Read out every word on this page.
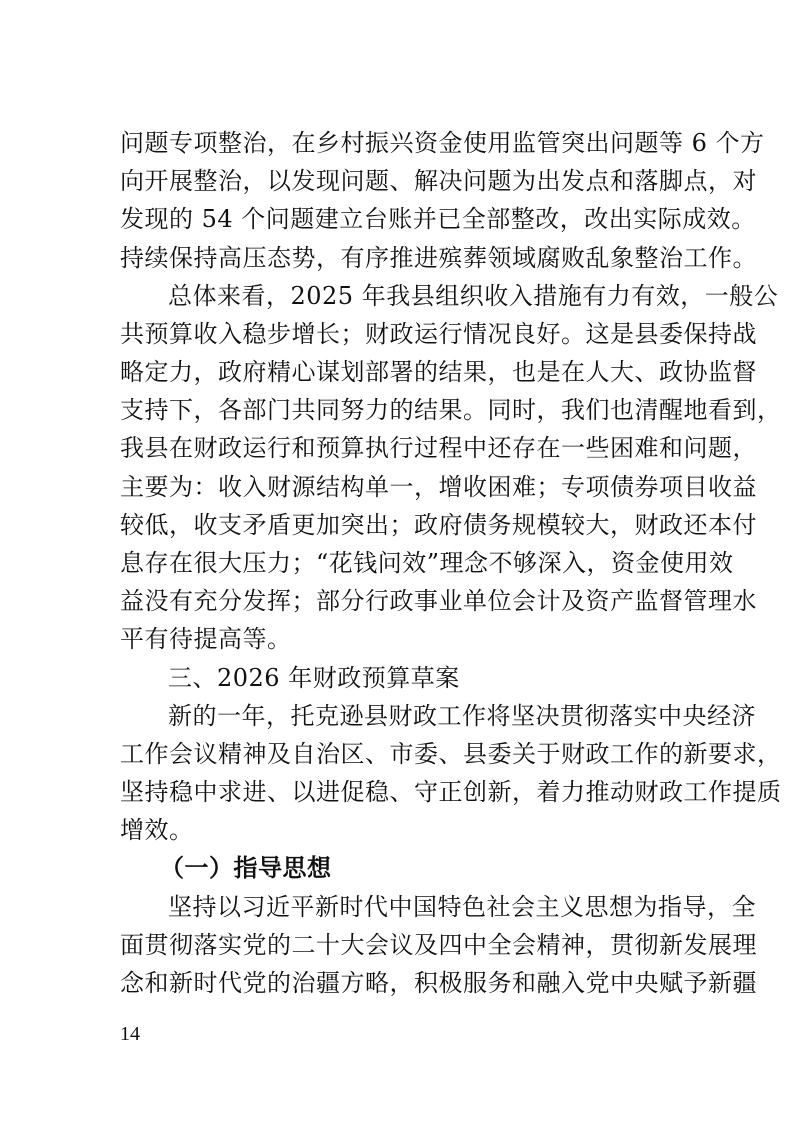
问题专项整治，在乡村振兴资金使用监管突出问题等 6 个方
向开展整治，以发现问题、解决问题为出发点和落脚点，对
发现的 54 个问题建立台账并已全部整改，改出实际成效。
持续保持高压态势，有序推进殡葬领域腐败乱象整治工作。
总体来看，2025 年我县组织收入措施有力有效，一般公
共预算收入稳步增长；财政运行情况良好。这是县委保持战
略定力，政府精心谋划部署的结果，也是在人大、政协监督
支持下，各部门共同努力的结果。同时，我们也清醒地看到，
我县在财政运行和预算执行过程中还存在一些困难和问题，
主要为：收入财源结构单一，增收困难；专项债券项目收益
较低，收支矛盾更加突出；政府债务规模较大，财政还本付
息存在很大压力；“花钱问效”理念不够深入，资金使用效
益没有充分发挥；部分行政事业单位会计及资产监督管理水
平有待提高等。
三、2026 年财政预算草案
新的一年，托克逊县财政工作将坚决贯彻落实中央经济
工作会议精神及自治区、市委、县委关于财政工作的新要求，
坚持稳中求进、以进促稳、守正创新，着力推动财政工作提质
增效。
（一）指导思想
坚持以习近平新时代中国特色社会主义思想为指导，全
面贯彻落实党的二十大会议及四中全会精神，贯彻新发展理
念和新时代党的治疆方略，积极服务和融入党中央赋予新疆
14
